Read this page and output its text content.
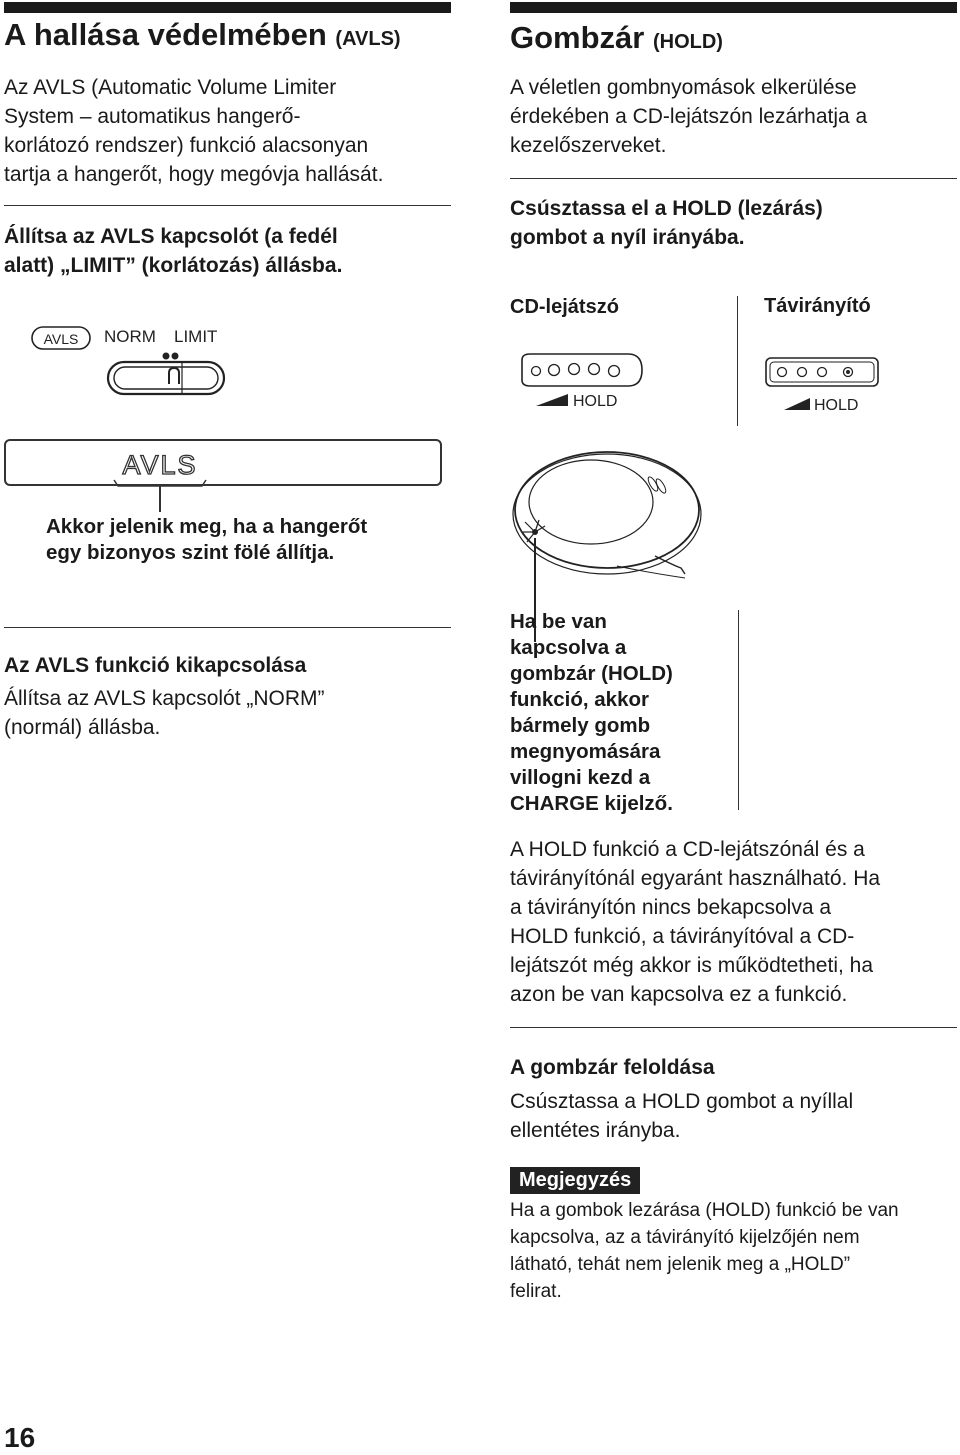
A hallása védelmében (AVLS)
Az AVLS (Automatic Volume Limiter
System – automatikus hangerő-
korlátozó rendszer) funkció alacsonyan
tartja a hangerőt, hogy megóvja hallását.
Állítsa az AVLS kapcsolót (a fedél
alatt) „LIMIT” (korlátozás) állásba.
AVLS NORM LIMIT
AVLS
Akkor jelenik meg, ha a hangerőt
egy bizonyos szint fölé állítja.
Az AVLS funkció kikapcsolása
Állítsa az AVLS kapcsolót „NORM”
(normál) állásba.
Gombzár (HOLD)
A véletlen gombnyomások elkerülése
érdekében a CD-lejátszón lezárhatja a
kezelőszerveket.
Csúsztassa el a HOLD (lezárás)
gombot a nyíl irányába.
CD-lejátszó	Távirányító
HOLD	HOLD
Ha be van
kapcsolva a
gombzár (HOLD)
funkció, akkor
bármely gomb
megnyomására
villogni kezd a
CHARGE kijelző.
A HOLD funkció a CD-lejátszónál és a
távirányítónál egyaránt használható. Ha
a távirányítón nincs bekapcsolva a
HOLD funkció, a távirányítóval a CD-
lejátszót még akkor is működtetheti, ha
azon be van kapcsolva ez a funkció.
A gombzár feloldása
Csúsztassa a HOLD gombot a nyíllal
ellentétes irányba.
Megjegyzés
Ha a gombok lezárása (HOLD) funkció be van
kapcsolva, az a távirányító kijelzőjén nem
látható, tehát nem jelenik meg a „HOLD”
felirat.
16
